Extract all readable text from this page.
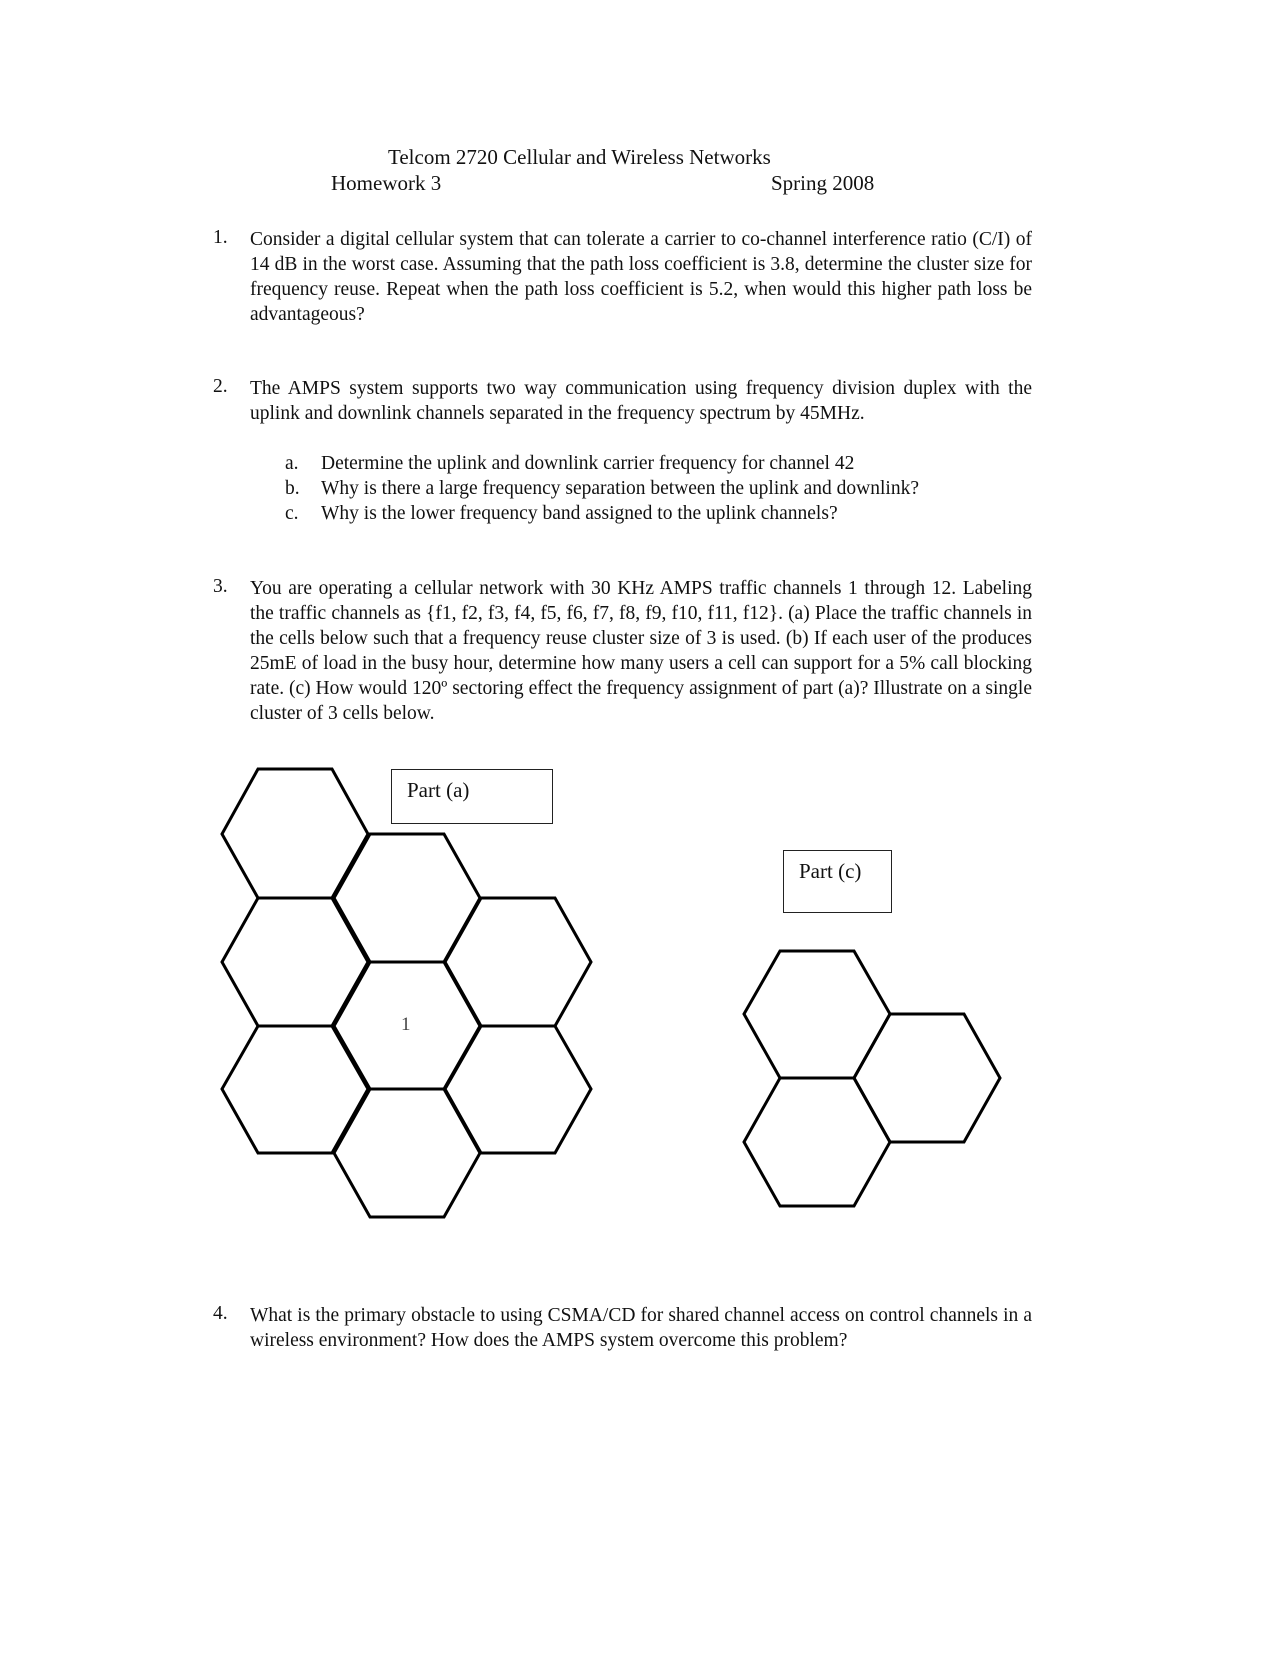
Telcom 2720 Cellular and Wireless Networks
Homework 3	Spring 2008
1. Consider a digital cellular system that can tolerate a carrier to co-channel interference ratio (C/I) of 14 dB in the worst case. Assuming that the path loss coefficient is 3.8, determine the cluster size for frequency reuse. Repeat when the path loss coefficient is 5.2, when would this higher path loss be advantageous?
2. The AMPS system supports two way communication using frequency division duplex with the uplink and downlink channels separated in the frequency spectrum by 45MHz.
a. Determine the uplink and downlink carrier frequency for channel 42
b. Why is there a large frequency separation between the uplink and downlink?
c. Why is the lower frequency band assigned to the uplink channels?
3. You are operating a cellular network with 30 KHz AMPS traffic channels 1 through 12. Labeling the traffic channels as {f1, f2, f3, f4, f5, f6, f7, f8, f9, f10, f11, f12}. (a) Place the traffic channels in the cells below such that a frequency reuse cluster size of 3 is used. (b) If each user of the produces 25mE of load in the busy hour, determine how many users a cell can support for a 5% call blocking rate. (c) How would 120º sectoring effect the frequency assignment of part (a)? Illustrate on a single cluster of 3 cells below.
1
Part (a)
Part (c)
4. What is the primary obstacle to using CSMA/CD for shared channel access on control channels in a wireless environment? How does the AMPS system overcome this problem?
